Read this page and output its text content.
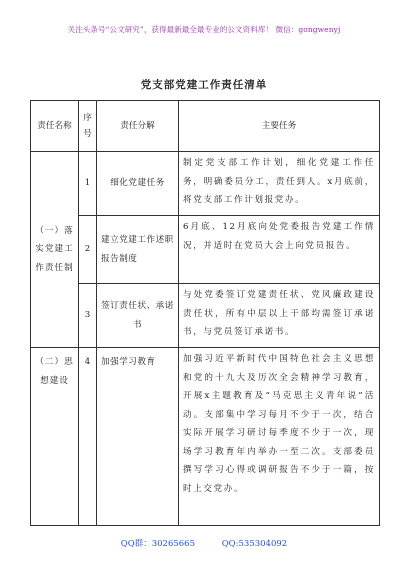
关注头条号“公文研究”，获得最新最全最专业的公文资料库！ 微信：gongwenyj
党支部党建工作责任清单
责任名称	序号	责任分解	主要任务
（一）落实党建工作责任制	1	细化党建任务	制定党支部工作计划，细化党建工作任务，明确委员分工，责任到人。x月底前，将党支部工作计划报党办。
	2	建立党建工作述职报告制度	6月底、12月底向处党委报告党建工作情况，并适时在党员大会上向党员报告。
	3	签订责任状、承诺书	与处党委签订党建责任状、党风廉政建设责任状，所有中层以上干部均需签订承诺书，与党员签订承诺书。
（二）思想建设	4	加强学习教育	加强习近平新时代中国特色社会主义思想和党的十九大及历次全会精神学习教育，开展x主题教育及“马克思主义青年说”活动。支部集中学习每月不少于一次，结合实际开展学习研讨每季度不少于一次，现场学习教育年内举办一至二次。支部委员撰写学习心得或调研报告不少于一篇，按时上交党办。
QQ群：30265665	QQ:535304092
